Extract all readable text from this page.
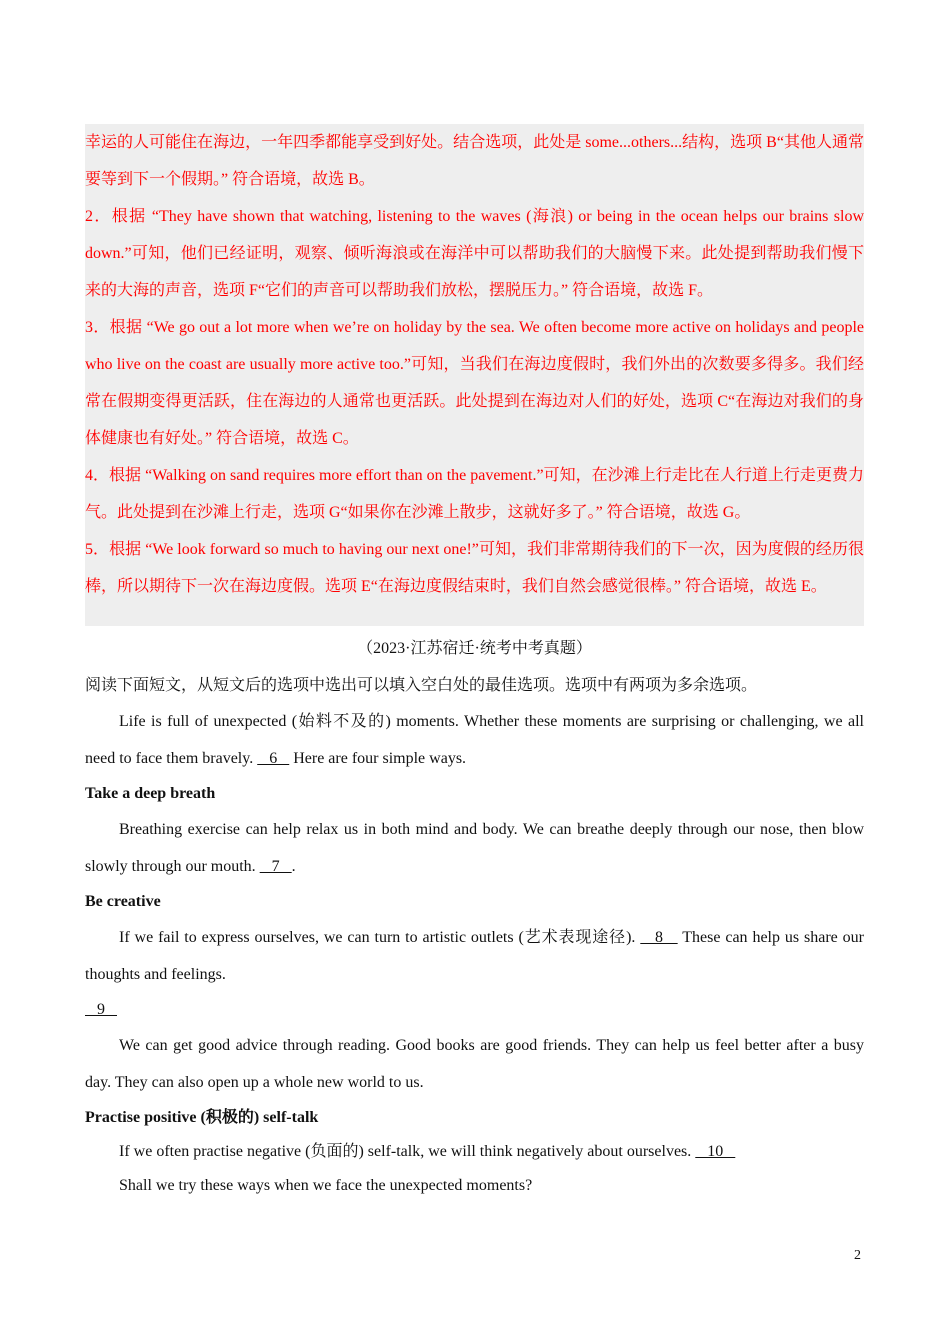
幸运的人可能住在海边，一年四季都能享受到好处。结合选项，此处是 some...others...结构，选项 B“其他人通常要等到下一个假期。” 符合语境，故选 B。

2．根据 “They have shown that watching, listening to the waves (海浪) or being in the ocean helps our brains slow down.”可知，他们已经证明，观察、倾听海浪或在海洋中可以帮助我们的大脑慢下来。此处提到帮助我们慢下来的大海的声音，选项 F“它们的声音可以帮助我们放松，摆脱压力。” 符合语境，故选 F。

3．根据 “We go out a lot more when we’re on holiday by the sea. We often become more active on holidays and people who live on the coast are usually more active too.”可知，当我们在海边度假时，我们外出的次数要多得多。我们经常在假期变得更活跃，住在海边的人通常也更活跃。此处提到在海边对人们的好处，选项 C“在海边对我们的身体健康也有好处。” 符合语境，故选 C。

4．根据 “Walking on sand requires more effort than on the pavement.”可知，在沙滩上行走比在人行道上行走更费力气。此处提到在沙滩上行走，选项 G“如果你在沙滩上散步，这就好多了。” 符合语境，故选 G。

5．根据 “We look forward so much to having our next one!”可知，我们非常期待我们的下一次，因为度假的经历很棒，所以期待下一次在海边度假。选项 E“在海边度假结束时，我们自然会感觉很棒。” 符合语境，故选 E。

（2023·江苏宿迁·统考中考真题）

阅读下面短文，从短文后的选项中选出可以填入空白处的最佳选项。选项中有两项为多余选项。

Life is full of unexpected (始料不及的) moments. Whether these moments are surprising or challenging, we all need to face them bravely.    6    Here are four simple ways.

Take a deep breath

Breathing exercise can help relax us in both mind and body. We can breathe deeply through our nose, then blow slowly through our mouth.    7   .

Be creative

If we fail to express ourselves, we can turn to artistic outlets (艺术表现途径).    8    These can help us share our thoughts and feelings.

9

We can get good advice through reading. Good books are good friends. They can help us feel better after a busy day. They can also open up a whole new world to us.

Practise positive (积极的) self-talk

If we often practise negative (负面的) self-talk, we will think negatively about ourselves.    10

Shall we try these ways when we face the unexpected moments?

2
